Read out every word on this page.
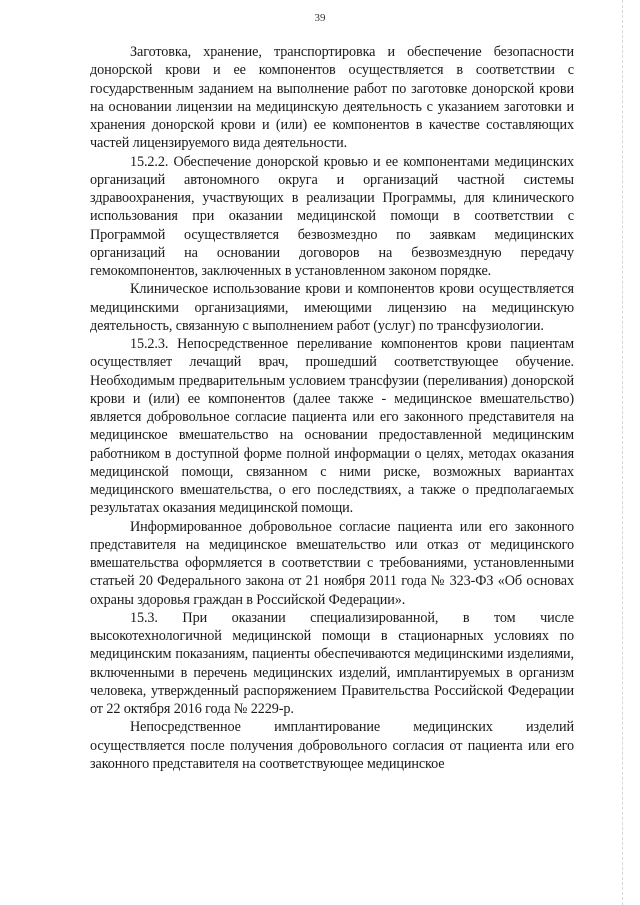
39

Заготовка, хранение, транспортировка и обеспечение безопасности донорской крови и ее компонентов осуществляется в соответствии с государственным заданием на выполнение работ по заготовке донорской крови на основании лицензии на медицинскую деятельность с указанием заготовки и хранения донорской крови и (или) ее компонентов в качестве составляющих частей лицензируемого вида деятельности.

15.2.2. Обеспечение донорской кровью и ее компонентами медицинских организаций автономного округа и организаций частной системы здравоохранения, участвующих в реализации Программы, для клинического использования при оказании медицинской помощи в соответствии с Программой осуществляется безвозмездно по заявкам медицинских организаций на основании договоров на безвозмездную передачу гемокомпонентов, заключенных в установленном законом порядке.

Клиническое использование крови и компонентов крови осуществляется медицинскими организациями, имеющими лицензию на медицинскую деятельность, связанную с выполнением работ (услуг) по трансфузиологии.

15.2.3. Непосредственное переливание компонентов крови пациентам осуществляет лечащий врач, прошедший соответствующее обучение. Необходимым предварительным условием трансфузии (переливания) донорской крови и (или) ее компонентов (далее также - медицинское вмешательство) является добровольное согласие пациента или его законного представителя на медицинское вмешательство на основании предоставленной медицинским работником в доступной форме полной информации о целях, методах оказания медицинской помощи, связанном с ними риске, возможных вариантах медицинского вмешательства, о его последствиях, а также о предполагаемых результатах оказания медицинской помощи.

Информированное добровольное согласие пациента или его законного представителя на медицинское вмешательство или отказ от медицинского вмешательства оформляется в соответствии с требованиями, установленными статьей 20 Федерального закона от 21 ноября 2011 года № 323-ФЗ «Об основах охраны здоровья граждан в Российской Федерации».

15.3. При оказании специализированной, в том числе высокотехнологичной медицинской помощи в стационарных условиях по медицинским показаниям, пациенты обеспечиваются медицинскими изделиями, включенными в перечень медицинских изделий, имплантируемых в организм человека, утвержденный распоряжением Правительства Российской Федерации от 22 октября 2016 года № 2229-р.

Непосредственное имплантирование медицинских изделий осуществляется после получения добровольного согласия от пациента или его законного представителя на соответствующее медицинское
